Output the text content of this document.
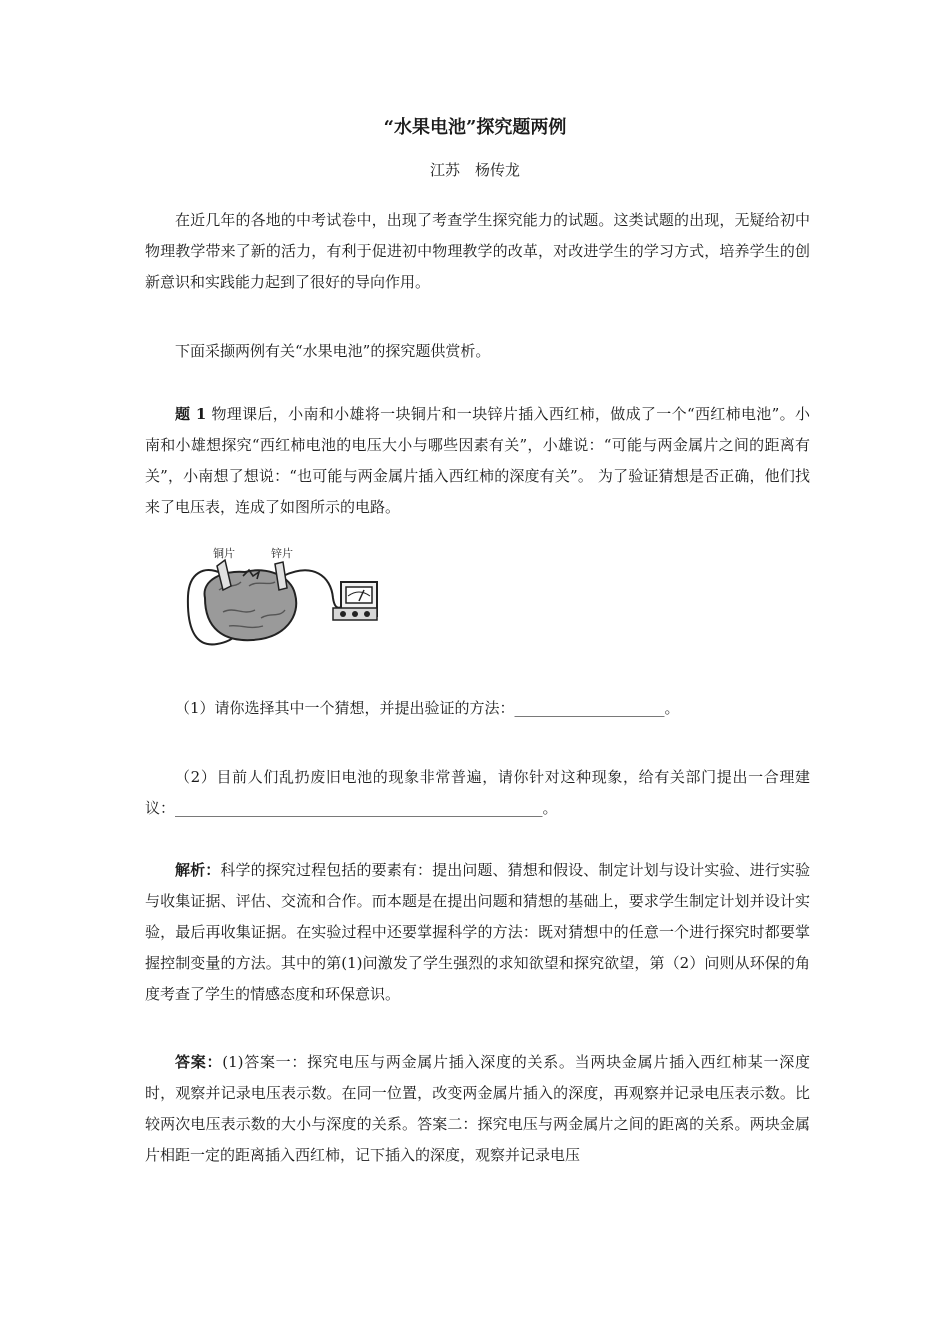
“水果电池”探究题两例
江苏　杨传龙
在近几年的各地的中考试卷中，出现了考查学生探究能力的试题。这类试题的出现，无疑给初中物理教学带来了新的活力，有利于促进初中物理教学的改革，对改进学生的学习方式，培养学生的创新意识和实践能力起到了很好的导向作用。
下面采撷两例有关“水果电池”的探究题供赏析。
题 1 物理课后，小南和小雄将一块铜片和一块锌片插入西红柿，做成了一个“西红柿电池”。小南和小雄想探究“西红柿电池的电压大小与哪些因素有关”，小雄说：“可能与两金属片之间的距离有关”，小南想了想说：“也可能与两金属片插入西红柿的深度有关”。 为了验证猜想是否正确，他们找来了电压表，连成了如图所示的电路。
铜片	锌片
（1）请你选择其中一个猜想，并提出验证的方法：____________________。
（2）目前人们乱扔废旧电池的现象非常普遍，请你针对这种现象，给有关部门提出一合理建议：_________________________________________________。
解析：科学的探究过程包括的要素有：提出问题、猜想和假设、制定计划与设计实验、进行实验与收集证据、评估、交流和合作。而本题是在提出问题和猜想的基础上，要求学生制定计划并设计实验，最后再收集证据。在实验过程中还要掌握科学的方法：既对猜想中的任意一个进行探究时都要掌握控制变量的方法。其中的第(1)问激发了学生强烈的求知欲望和探究欲望，第（2）问则从环保的角度考查了学生的情感态度和环保意识。
答案：(1)答案一：探究电压与两金属片插入深度的关系。当两块金属片插入西红柿某一深度时，观察并记录电压表示数。在同一位置，改变两金属片插入的深度，再观察并记录电压表示数。比较两次电压表示数的大小与深度的关系。答案二：探究电压与两金属片之间的距离的关系。两块金属片相距一定的距离插入西红柿，记下插入的深度，观察并记录电压
